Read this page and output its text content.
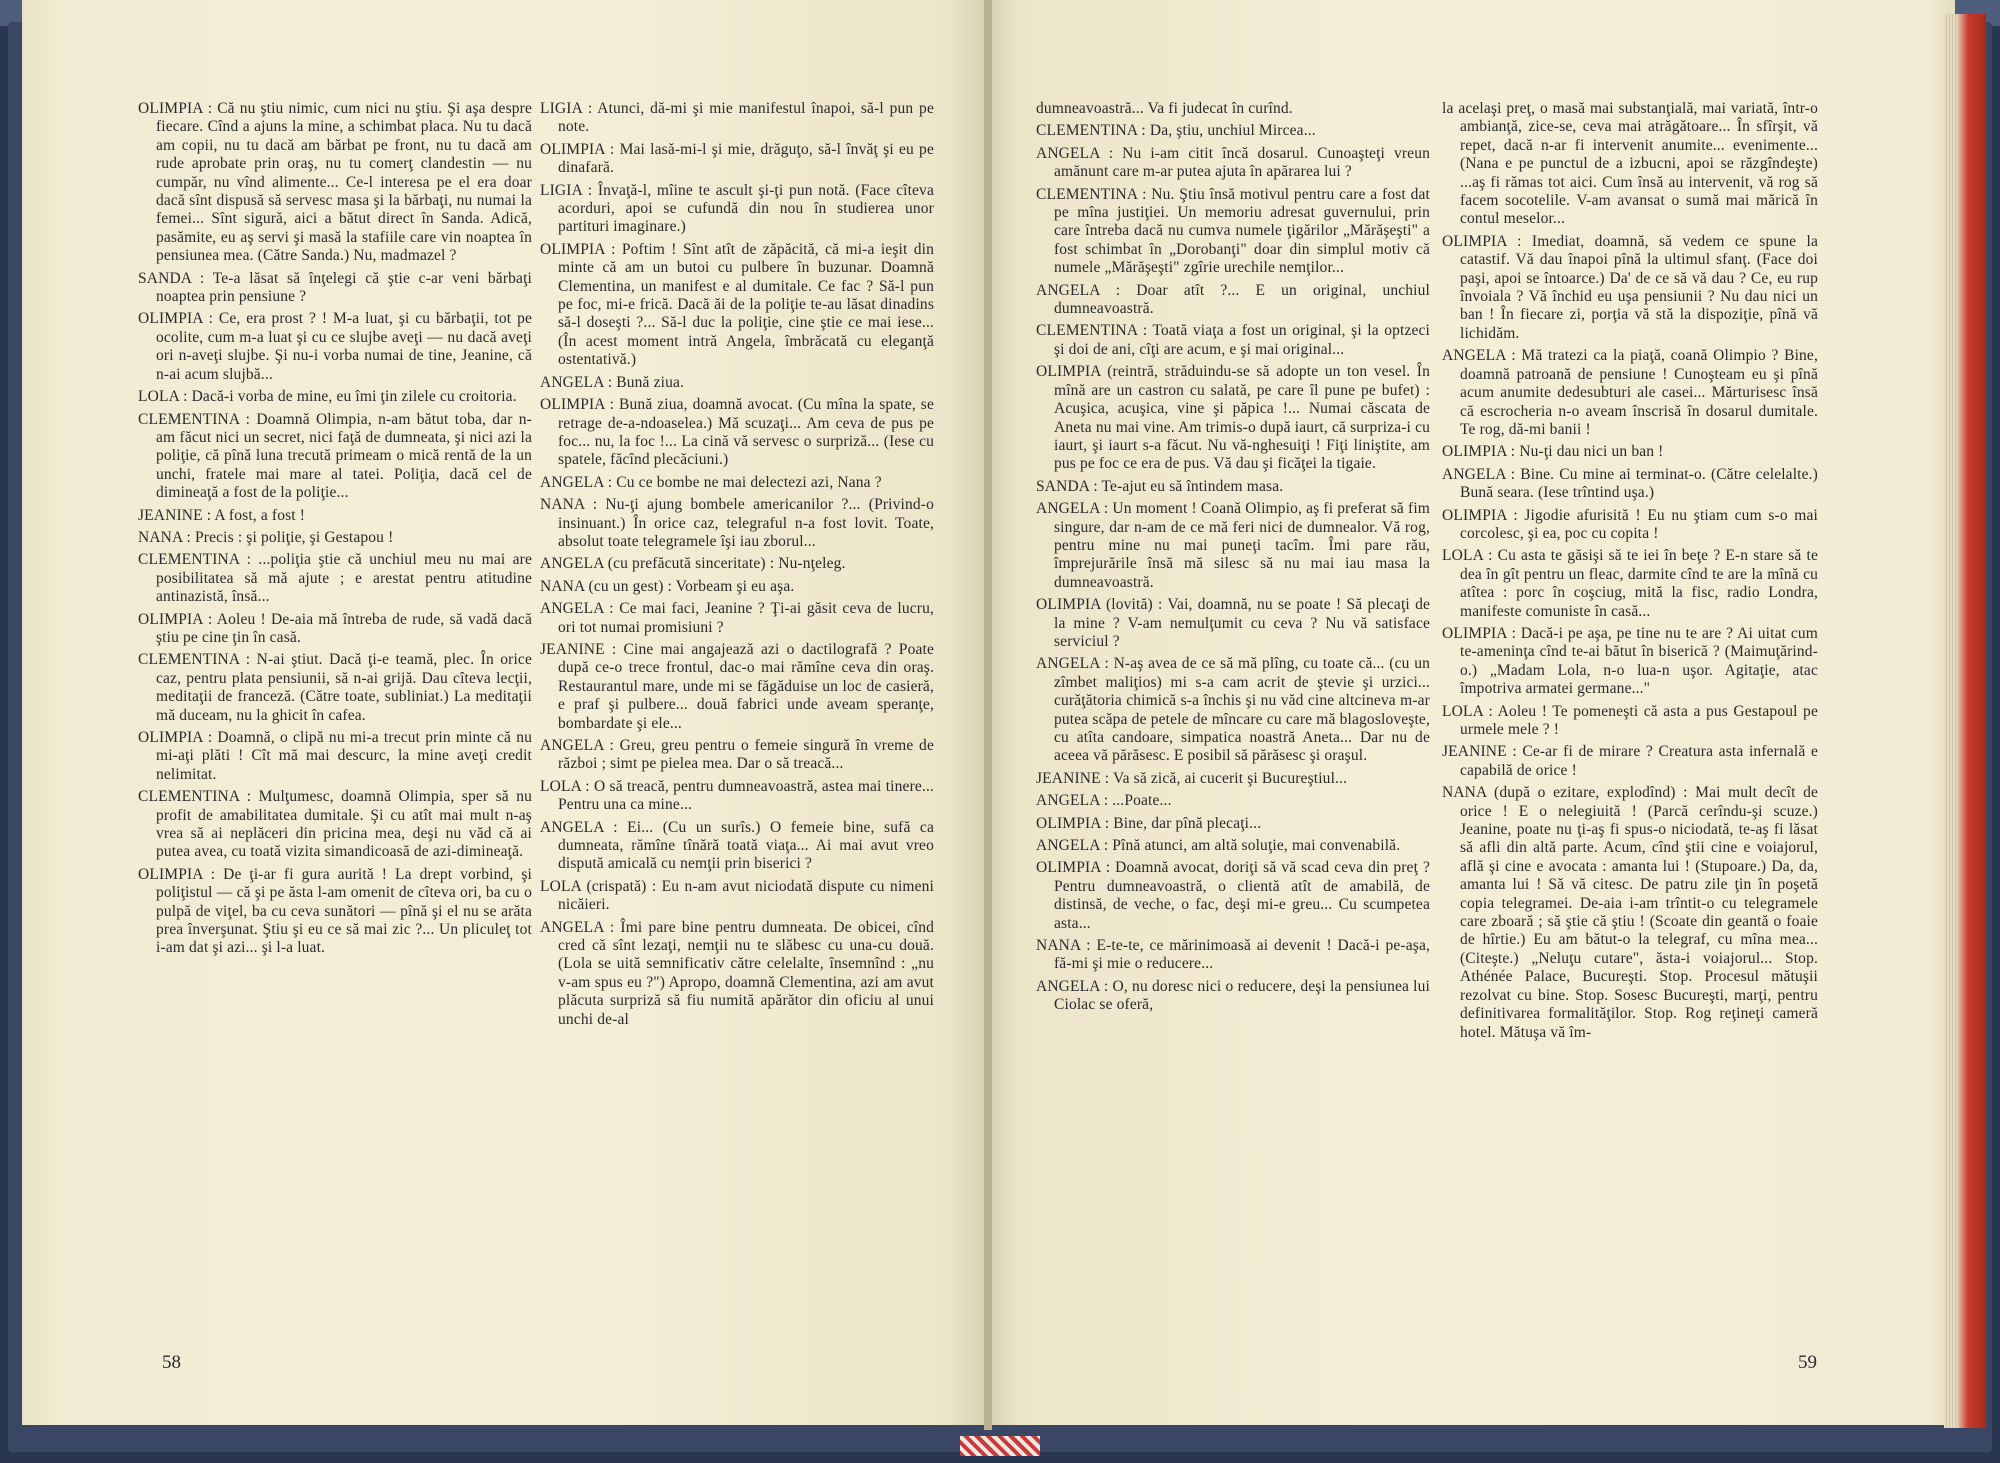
OLIMPIA : Că nu ştiu nimic, cum nici nu ştiu. Şi aşa despre fiecare. Cînd a ajuns la mine, a schimbat placa. Nu tu dacă am copii, nu tu dacă am bărbat pe front, nu tu dacă am rude aprobate prin oraş, nu tu comerţ clandestin — nu cumpăr, nu vînd alimente... Ce-l interesa pe el era doar dacă sînt dispusă să servesc masa şi la bărbaţi, nu numai la femei... Sînt sigură, aici a bătut direct în Sanda. Adică, pasămite, eu aş servi şi masă la stafiile care vin noaptea în pensiunea mea. (Către Sanda.) Nu, madmazel ?

SANDA : Te-a lăsat să înţelegi că ştie c-ar veni bărbaţi noaptea prin pensiune ?

OLIMPIA : Ce, era prost ? ! M-a luat, şi cu bărbaţii, tot pe ocolite, cum m-a luat şi cu ce slujbe aveţi — nu dacă aveţi ori n-aveţi slujbe. Şi nu-i vorba numai de tine, Jeanine, că n-ai acum slujbă...

LOLA : Dacă-i vorba de mine, eu îmi ţin zilele cu croitoria.

CLEMENTINA : Doamnă Olimpia, n-am bătut toba, dar n-am făcut nici un secret, nici faţă de dumneata, şi nici azi la poliţie, că pînă luna trecută primeam o mică rentă de la un unchi, fratele mai mare al tatei. Poliţia, dacă cel de dimineaţă a fost de la poliţie...

JEANINE : A fost, a fost !

NANA : Precis : şi poliţie, şi Gestapou !

CLEMENTINA : ...poliţia ştie că unchiul meu nu mai are posibilitatea să mă ajute ; e arestat pentru atitudine antinazistă, însă...

OLIMPIA : Aoleu ! De-aia mă întreba de rude, să vadă dacă ştiu pe cine ţin în casă.

CLEMENTINA : N-ai ştiut. Dacă ţi-e teamă, plec. În orice caz, pentru plata pensiunii, să n-ai grijă. Dau cîteva lecţii, meditaţii de franceză. (Către toate, subliniat.) La meditaţii mă duceam, nu la ghicit în cafea.

OLIMPIA : Doamnă, o clipă nu mi-a trecut prin minte că nu mi-aţi plăti ! Cît mă mai descurc, la mine aveţi credit nelimitat.

CLEMENTINA : Mulţumesc, doamnă Olimpia, sper să nu profit de amabilitatea dumitale. Şi cu atît mai mult n-aş vrea să ai neplăceri din pricina mea, deşi nu văd că ai putea avea, cu toată vizita simandicoasă de azi-dimineaţă.

OLIMPIA : De ţi-ar fi gura aurită ! La drept vorbind, şi poliţistul — că şi pe ăsta l-am omenit de cîteva ori, ba cu o pulpă de viţel, ba cu ceva sunători — pînă şi el nu se arăta prea înverşunat. Ştiu şi eu ce să mai zic ?... Un pliculeţ tot i-am dat şi azi... şi l-a luat.

LIGIA : Atunci, dă-mi şi mie manifestul înapoi, să-l pun pe note.

OLIMPIA : Mai lasă-mi-l şi mie, drăguţo, să-l învăţ şi eu pe dinafară.

LIGIA : Învaţă-l, mîine te ascult şi-ţi pun notă. (Face cîteva acorduri, apoi se cufundă din nou în studierea unor partituri imaginare.)

OLIMPIA : Poftim ! Sînt atît de zăpăcită, că mi-a ieşit din minte că am un butoi cu pulbere în buzunar. Doamnă Clementina, un manifest e al dumitale. Ce fac ? Să-l pun pe foc, mi-e frică. Dacă ăi de la poliţie te-au lăsat dinadins să-l doseşti ?... Să-l duc la poliţie, cine ştie ce mai iese... (În acest moment intră Angela, îmbrăcată cu eleganţă ostentativă.)

ANGELA : Bună ziua.

OLIMPIA : Bună ziua, doamnă avocat. (Cu mîna la spate, se retrage de-a-ndoaselea.) Mă scuzaţi... Am ceva de pus pe foc... nu, la foc !... La cină vă servesc o surpriză... (Iese cu spatele, făcînd plecăciuni.)

ANGELA : Cu ce bombe ne mai delectezi azi, Nana ?

NANA : Nu-ţi ajung bombele americanilor ?... (Privind-o insinuant.) În orice caz, telegraful n-a fost lovit. Toate, absolut toate telegramele îşi iau zborul...

ANGELA (cu prefăcută sinceritate) : Nu-nţeleg.

NANA (cu un gest) : Vorbeam şi eu aşa.

ANGELA : Ce mai faci, Jeanine ? Ţi-ai găsit ceva de lucru, ori tot numai promisiuni ?

JEANINE : Cine mai angajează azi o dactilografă ? Poate după ce-o trece frontul, dac-o mai rămîne ceva din oraş. Restaurantul mare, unde mi se făgăduise un loc de casieră, e praf şi pulbere... două fabrici unde aveam speranţe, bombardate şi ele...

ANGELA : Greu, greu pentru o femeie singură în vreme de război ; simt pe pielea mea. Dar o să treacă...

LOLA : O să treacă, pentru dumneavoastră, astea mai tinere... Pentru una ca mine...

ANGELA : Ei... (Cu un surîs.) O femeie bine, sufă ca dumneata, rămîne tînără toată viaţa... Ai mai avut vreo dispută amicală cu nemţii prin biserici ?

LOLA (crispată) : Eu n-am avut niciodată dispute cu nimeni nicăieri.

ANGELA : Îmi pare bine pentru dumneata. De obicei, cînd cred că sînt lezaţi, nemţii nu te slăbesc cu una-cu două. (Lola se uită semnificativ către celelalte, însemnînd : „nu v-am spus eu ?") Apropo, doamnă Clementina, azi am avut plăcuta surpriză să fiu numită apărător din oficiu al unui unchi de-al

dumneavoastră... Va fi judecat în curînd.

CLEMENTINA : Da, ştiu, unchiul Mircea...

ANGELA : Nu i-am citit încă dosarul. Cunoaşteţi vreun amănunt care m-ar putea ajuta în apărarea lui ?

CLEMENTINA : Nu. Ştiu însă motivul pentru care a fost dat pe mîna justiţiei. Un memoriu adresat guvernului, prin care întreba dacă nu cumva numele ţigărilor „Mărăşeşti" a fost schimbat în „Dorobanţi" doar din simplul motiv că numele „Mărăşeşti" zgîrie urechile nemţilor...

ANGELA : Doar atît ?... E un original, unchiul dumneavoastră.

CLEMENTINA : Toată viaţa a fost un original, şi la optzeci şi doi de ani, cîţi are acum, e şi mai original...

OLIMPIA (reintră, străduindu-se să adopte un ton vesel. În mînă are un castron cu salată, pe care îl pune pe bufet) : Acuşica, acuşica, vine şi păpica !... Numai căscata de Aneta nu mai vine. Am trimis-o după iaurt, că surpriza-i cu iaurt, şi iaurt s-a făcut. Nu vă-nghesuiţi ! Fiţi liniştite, am pus pe foc ce era de pus. Vă dau şi ficăţei la tigaie.

SANDA : Te-ajut eu să întindem masa.

ANGELA : Un moment ! Coană Olimpio, aş fi preferat să fim singure, dar n-am de ce mă feri nici de dumnealor. Vă rog, pentru mine nu mai puneţi tacîm. Îmi pare rău, împrejurările însă mă silesc să nu mai iau masa la dumneavoastră.

OLIMPIA (lovită) : Vai, doamnă, nu se poate ! Să plecaţi de la mine ? V-am nemulţumit cu ceva ? Nu vă satisface serviciul ?

ANGELA : N-aş avea de ce să mă plîng, cu toate că... (cu un zîmbet maliţios) mi s-a cam acrit de ştevie şi urzici... curăţătoria chimică s-a închis şi nu văd cine altcineva m-ar putea scăpa de petele de mîncare cu care mă blagosloveşte, cu atîta candoare, simpatica noastră Aneta... Dar nu de aceea vă părăsesc. E posibil să părăsesc şi oraşul.

JEANINE : Va să zică, ai cucerit şi Bucureştiul...

ANGELA : ...Poate...

OLIMPIA : Bine, dar pînă plecaţi...

ANGELA : Pînă atunci, am altă soluţie, mai convenabilă.

OLIMPIA : Doamnă avocat, doriţi să vă scad ceva din preţ ? Pentru dumneavoastră, o clientă atît de amabilă, de distinsă, de veche, o fac, deşi mi-e greu... Cu scumpetea asta...

NANA : E-te-te, ce mărinimoasă ai devenit ! Dacă-i pe-aşa, fă-mi şi mie o reducere...

ANGELA : O, nu doresc nici o reducere, deşi la pensiunea lui Ciolac se oferă,

la acelaşi preţ, o masă mai substanţială, mai variată, într-o ambianţă, zice-se, ceva mai atrăgătoare... În sfîrşit, vă repet, dacă n-ar fi intervenit anumite... evenimente... (Nana e pe punctul de a izbucni, apoi se răzgîndeşte) ...aş fi rămas tot aici. Cum însă au intervenit, vă rog să facem socotelile. V-am avansat o sumă mai mărică în contul meselor...

OLIMPIA : Imediat, doamnă, să vedem ce spune la catastif. Vă dau înapoi pînă la ultimul sfanţ. (Face doi paşi, apoi se întoarce.) Da' de ce să vă dau ? Ce, eu rup învoiala ? Vă închid eu uşa pensiunii ? Nu dau nici un ban ! În fiecare zi, porţia vă stă la dispoziţie, pînă vă lichidăm.

ANGELA : Mă tratezi ca la piaţă, coană Olimpio ? Bine, doamnă patroană de pensiune ! Cunoşteam eu şi pînă acum anumite dedesubturi ale casei... Mărturisesc însă că escrocheria n-o aveam înscrisă în dosarul dumitale. Te rog, dă-mi banii !

OLIMPIA : Nu-ţi dau nici un ban !

ANGELA : Bine. Cu mine ai terminat-o. (Către celelalte.) Bună seara. (Iese trîntind uşa.)

OLIMPIA : Jigodie afurisită ! Eu nu ştiam cum s-o mai corcolesc, şi ea, poc cu copita !

LOLA : Cu asta te găsişi să te iei în beţe ? E-n stare să te dea în gît pentru un fleac, darmite cînd te are la mînă cu atîtea : porc în coşciug, mită la fisc, radio Londra, manifeste comuniste în casă...

OLIMPIA : Dacă-i pe aşa, pe tine nu te are ? Ai uitat cum te-ameninţa cînd te-ai bătut în biserică ? (Maimuţărind-o.) „Madam Lola, n-o lua-n uşor. Agitaţie, atac împotriva armatei germane..."

LOLA : Aoleu ! Te pomeneşti că asta a pus Gestapoul pe urmele mele ? !

JEANINE : Ce-ar fi de mirare ? Creatura asta infernală e capabilă de orice !

NANA (după o ezitare, explodînd) : Mai mult decît de orice ! E o nelegiuită ! (Parcă cerîndu-şi scuze.) Jeanine, poate nu ţi-aş fi spus-o niciodată, te-aş fi lăsat să afli din altă parte. Acum, cînd ştii cine e voiajorul, află şi cine e avocata : amanta lui ! (Stupoare.) Da, da, amanta lui ! Să vă citesc. De patru zile ţin în poşetă copia telegramei. De-aia i-am trîntit-o cu telegramele care zboară ; să ştie că ştiu ! (Scoate din geantă o foaie de hîrtie.) Eu am bătut-o la telegraf, cu mîna mea... (Citeşte.) „Neluţu cutare", ăsta-i voiajorul... Stop. Athénée Palace, Bucureşti. Stop. Procesul mătuşii rezolvat cu bine. Stop. Sosesc Bucureşti, marţi, pentru definitivarea formalităţilor. Stop. Rog reţineţi cameră hotel. Mătuşa vă îm-

58	59
